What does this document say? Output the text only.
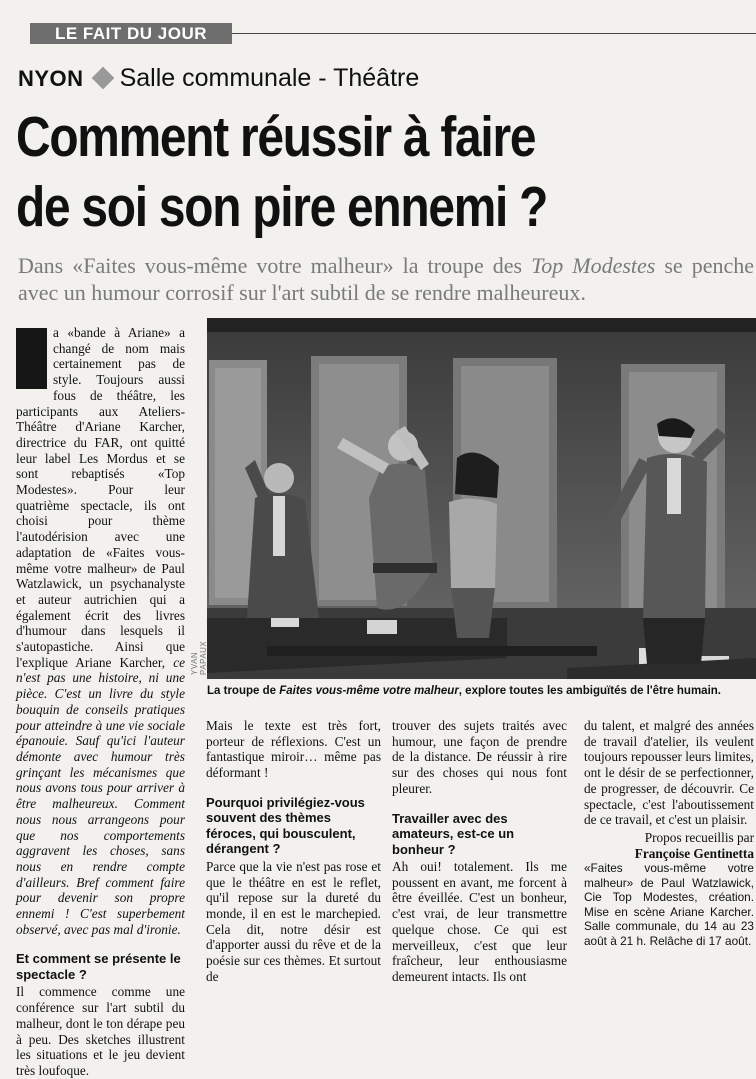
LE FAIT DU JOUR
NYON Salle communale - Théâtre
Comment réussir à faire
de soi son pire ennemi ?
Dans «Faites vous-même votre malheur» la troupe des Top Modestes se penche avec un humour corrosif sur l'art subtil de se rendre malheureux.
YVAN PAPAUX
La troupe de Faites vous-même votre malheur, explore toutes les ambiguïtés de l'être humain.

a «bande à Ariane» a changé de nom mais certainement pas de style. Toujours aussi fous de théâtre, les participants aux Ateliers-Théâtre d'Ariane Karcher, directrice du FAR, ont quitté leur label Les Mordus et se sont rebaptisés «Top Modestes». Pour leur quatrième spectacle, ils ont choisi pour thème l'autodérision avec une adaptation de «Faites vous-même votre malheur» de Paul Watzlawick, un psychanalyste et auteur autrichien qui a également écrit des livres d'humour dans lesquels il s'autopastiche. Ainsi que l'explique Ariane Karcher, ce n'est pas une histoire, ni une pièce. C'est un livre du style bouquin de conseils pratiques pour atteindre à une vie sociale épanouie. Sauf qu'ici l'auteur démonte avec humour très grinçant les mécanismes que nous avons tous pour arriver à être malheureux. Comment nous nous arrangeons pour que nos comportements aggravent les choses, sans nous en rendre compte d'ailleurs. Bref comment faire pour devenir son propre ennemi ! C'est superbement observé, avec pas mal d'ironie.

Et comment se présente le spectacle ?

Il commence comme une conférence sur l'art subtil du malheur, dont le ton dérape peu à peu. Des sketches illustrent les situations et le jeu devient très loufoque.

Mais le texte est très fort, porteur de réflexions. C'est un fantastique miroir… même pas déformant !

Pourquoi privilégiez-vous souvent des thèmes féroces, qui bousculent, dérangent ?

Parce que la vie n'est pas rose et que le théâtre en est le reflet, qu'il repose sur la dureté du monde, il en est le marchepied. Cela dit, notre désir est d'apporter aussi du rêve et de la poésie sur ces thèmes. Et surtout de

trouver des sujets traités avec humour, une façon de prendre de la distance. De réussir à rire sur des choses qui nous font pleurer.

Travailler avec des amateurs, est-ce un bonheur ?

Ah oui! totalement. Ils me poussent en avant, me forcent à être éveillée. C'est un bonheur, c'est vrai, de leur transmettre quelque chose. Ce qui est merveilleux, c'est que leur fraîcheur, leur enthousiasme demeurent intacts. Ils ont

du talent, et malgré des années de travail d'atelier, ils veulent toujours repousser leurs limites, ont le désir de se perfectionner, de progresser, de découvrir. Ce spectacle, c'est l'aboutissement de ce travail, et c'est un plaisir.

Propos recueillis par
Françoise Gentinetta

«Faites vous-même votre malheur» de Paul Watzlawick, Cie Top Modestes, création. Mise en scène Ariane Karcher. Salle communale, du 14 au 23 août à 21 h. Relâche di 17 août.
